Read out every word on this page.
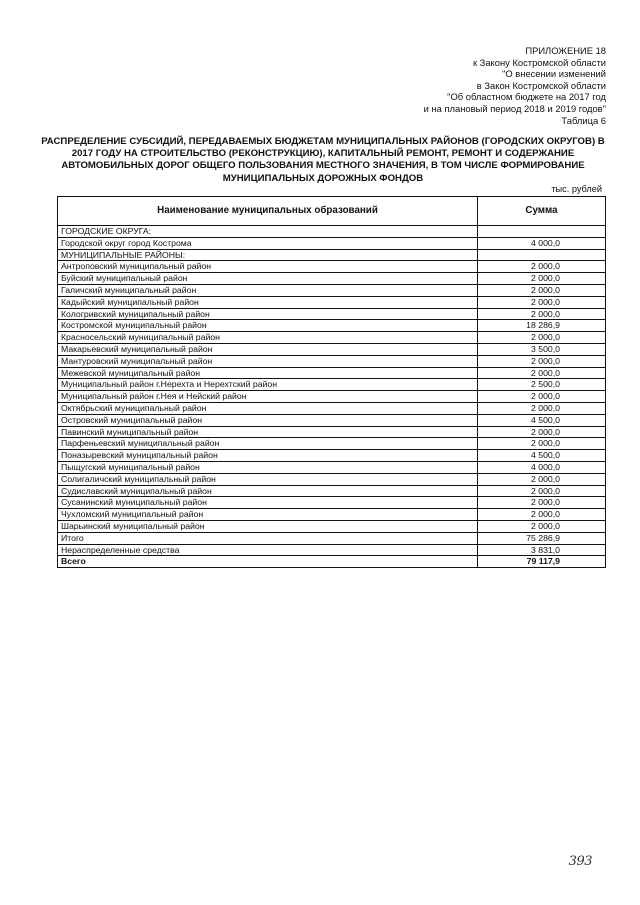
ПРИЛОЖЕНИЕ 18
к Закону Костромской области
"О внесении изменений
в Закон Костромской области
"Об областном бюджете на 2017 год
и на плановый период 2018 и 2019 годов"
Таблица 6
РАСПРЕДЕЛЕНИЕ СУБСИДИЙ, ПЕРЕДАВАЕМЫХ БЮДЖЕТАМ МУНИЦИПАЛЬНЫХ РАЙОНОВ (ГОРОДСКИХ ОКРУГОВ) В 2017 ГОДУ НА СТРОИТЕЛЬСТВО (РЕКОНСТРУКЦИЮ), КАПИТАЛЬНЫЙ РЕМОНТ, РЕМОНТ И СОДЕРЖАНИЕ АВТОМОБИЛЬНЫХ ДОРОГ ОБЩЕГО ПОЛЬЗОВАНИЯ МЕСТНОГО ЗНАЧЕНИЯ, В ТОМ ЧИСЛЕ ФОРМИРОВАНИЕ МУНИЦИПАЛЬНЫХ ДОРОЖНЫХ ФОНДОВ
тыс. рублей
Наименование муниципальных образований	Сумма
ГОРОДСКИЕ ОКРУГА:	
Городской округ город Кострома	4 000,0
МУНИЦИПАЛЬНЫЕ РАЙОНЫ:	
Антроповский муниципальный район	2 000,0
Буйский муниципальный район	2 000,0
Галичский муниципальный район	2 000,0
Кадыйский муниципальный район	2 000,0
Кологривский муниципальный район	2 000,0
Костромской муниципальный район	18 286,9
Красносельский муниципальный район	2 000,0
Макарьевский муниципальный район	3 500,0
Мантуровский муниципальный район	2 000,0
Межевской муниципальный район	2 000,0
Муниципальный район г.Нерехта и Нерехтский район	2 500,0
Муниципальный район г.Нея и Нейский район	2 000,0
Октябрьский муниципальный район	2 000,0
Островский муниципальный район	4 500,0
Павинский муниципальный район	2 000,0
Парфеньевский муниципальный район	2 000,0
Поназыревский муниципальный район	4 500,0
Пыщугский муниципальный район	4 000,0
Солигаличский муниципальный район	2 000,0
Судиславский муниципальный район	2 000,0
Сусанинский муниципальный район	2 000,0
Чухломский муниципальный район	2 000,0
Шарьинский муниципальный район	2 000,0
Итого	75 286,9
Нераспределенные средства	3 831,0
Всего	79 117,9
393
